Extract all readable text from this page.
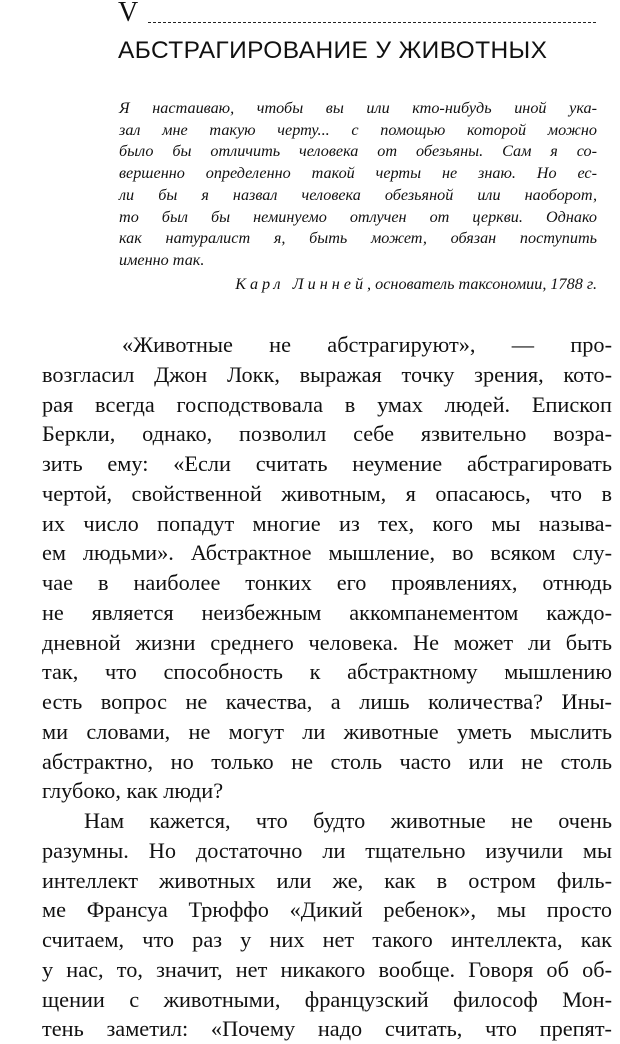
V
АБСТРАГИРОВАНИЕ У ЖИВОТНЫХ
Я настаиваю, чтобы вы или кто-нибудь иной ука-
зал мне такую черту... с помощью которой можно
было бы отличить человека от обезьяны. Сам я со-
вершенно определенно такой черты не знаю. Но ес-
ли бы я назвал человека обезьяной или наоборот,
то был бы неминуемо отлучен от церкви. Однако
как натуралист я, быть может, обязан поступить
именно так.
Карл Линней, основатель таксономии, 1788 г.
«Животные не абстрагируют», — про-
возгласил Джон Локк, выражая точку зрения, кото-
рая всегда господствовала в умах людей. Епископ
Беркли, однако, позволил себе язвительно возра-
зить ему: «Если считать неумение абстрагировать
чертой, свойственной животным, я опасаюсь, что в
их число попадут многие из тех, кого мы называ-
ем людьми». Абстрактное мышление, во всяком слу-
чае в наиболее тонких его проявлениях, отнюдь
не является неизбежным аккомпанементом каждо-
дневной жизни среднего человека. Не может ли быть
так, что способность к абстрактному мышлению
есть вопрос не качества, а лишь количества? Ины-
ми словами, не могут ли животные уметь мыслить
абстрактно, но только не столь часто или не столь
глубоко, как люди?
Нам кажется, что будто животные не очень
разумны. Но достаточно ли тщательно изучили мы
интеллект животных или же, как в остром филь-
ме Франсуа Трюффо «Дикий ребенок», мы просто
считаем, что раз у них нет такого интеллекта, как
у нас, то, значит, нет никакого вообще. Говоря об об-
щении с животными, французский философ Мон-
тень заметил: «Почему надо считать, что препят-
